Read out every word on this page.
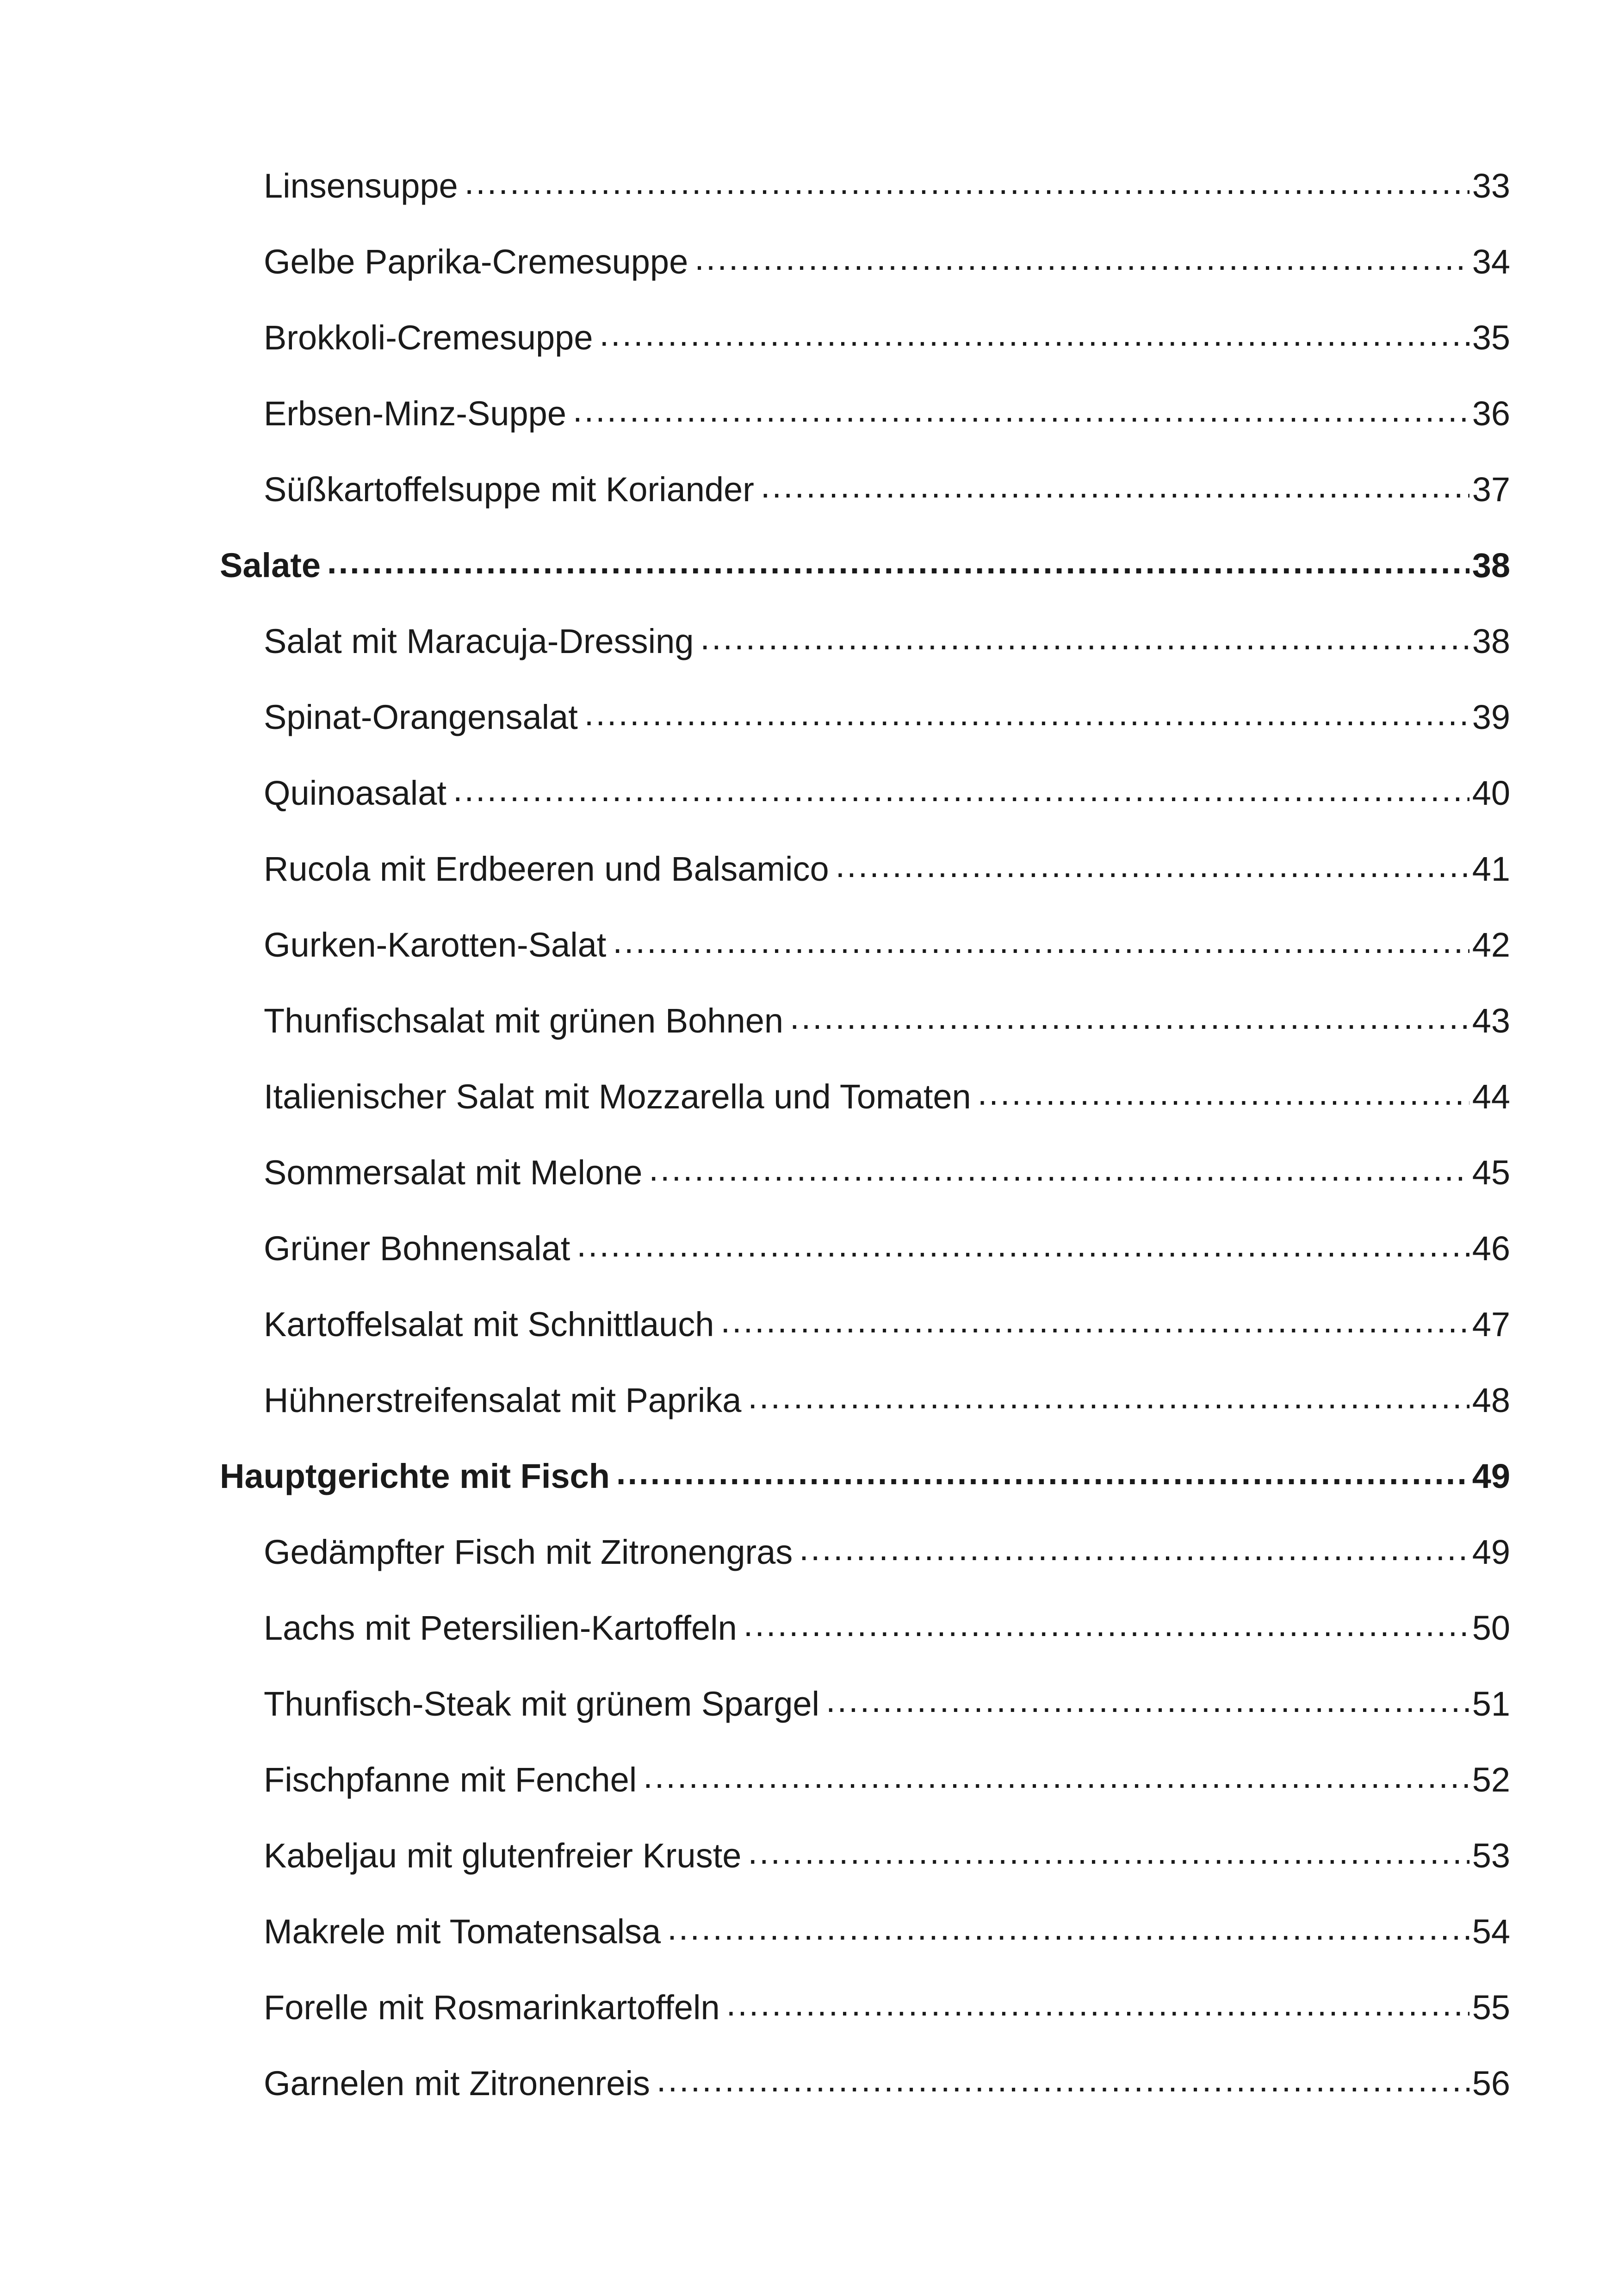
Linsensuppe .....	33
Gelbe Paprika-Cremesuppe .....	34
Brokkoli-Cremesuppe .....	35
Erbsen-Minz-Suppe .....	36
Süßkartoffelsuppe mit Koriander .....	37
Salate .....	38
Salat mit Maracuja-Dressing .....	38
Spinat-Orangensalat .....	39
Quinoasalat .....	40
Rucola mit Erdbeeren und Balsamico .....	41
Gurken-Karotten-Salat .....	42
Thunfischsalat mit grünen Bohnen .....	43
Italienischer Salat mit Mozzarella und Tomaten .....	44
Sommersalat mit Melone .....	45
Grüner Bohnensalat .....	46
Kartoffelsalat mit Schnittlauch .....	47
Hühnerstreifensalat mit Paprika .....	48
Hauptgerichte mit Fisch .....	49
Gedämpfter Fisch mit Zitronengras .....	49
Lachs mit Petersilien-Kartoffeln .....	50
Thunfisch-Steak mit grünem Spargel .....	51
Fischpfanne mit Fenchel .....	52
Kabeljau mit glutenfreier Kruste .....	53
Makrele mit Tomatensalsa .....	54
Forelle mit Rosmarinkartoffeln .....	55
Garnelen mit Zitronenreis .....	56
